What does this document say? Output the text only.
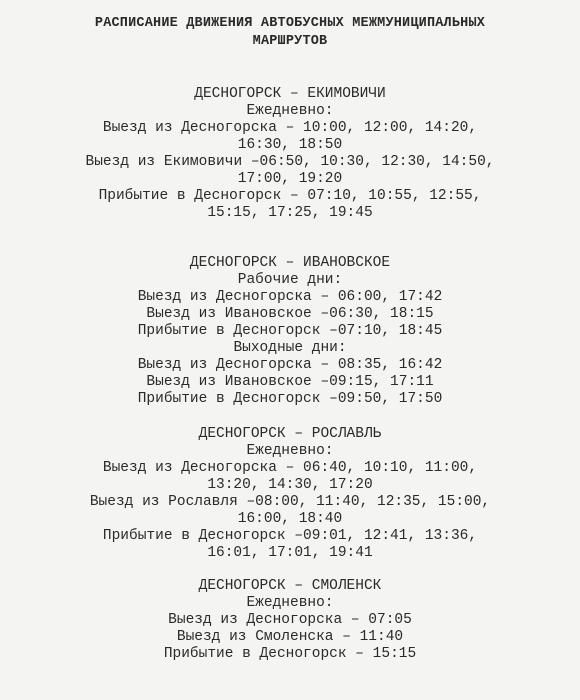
РАСПИСАНИЕ ДВИЖЕНИЯ АВТОБУСНЫХ МЕЖМУНИЦИПАЛЬНЫХ
МАРШРУТОВ
ДЕСНОГОРСК – ЕКИМОВИЧИ
Ежедневно:
Выезд из Десногорска – 10:00, 12:00, 14:20,
16:30, 18:50
Выезд из Екимовичи –06:50, 10:30, 12:30, 14:50,
17:00, 19:20
Прибытие в Десногорск – 07:10, 10:55, 12:55,
15:15, 17:25, 19:45
ДЕСНОГОРСК – ИВАНОВСКОЕ
Рабочие дни:
Выезд из Десногорска – 06:00, 17:42
Выезд из Ивановское –06:30, 18:15
Прибытие в Десногорск –07:10, 18:45
Выходные дни:
Выезд из Десногорска – 08:35, 16:42
Выезд из Ивановское –09:15, 17:11
Прибытие в Десногорск –09:50, 17:50
ДЕСНОГОРСК – РОСЛАВЛЬ
Ежедневно:
Выезд из Десногорска – 06:40, 10:10, 11:00,
13:20, 14:30, 17:20
Выезд из Рославля –08:00, 11:40, 12:35, 15:00,
16:00, 18:40
Прибытие в Десногорск –09:01, 12:41, 13:36,
16:01, 17:01, 19:41
ДЕСНОГОРСК – СМОЛЕНСК
Ежедневно:
Выезд из Десногорска – 07:05
Выезд из Смоленска – 11:40
Прибытие в Десногорск – 15:15
